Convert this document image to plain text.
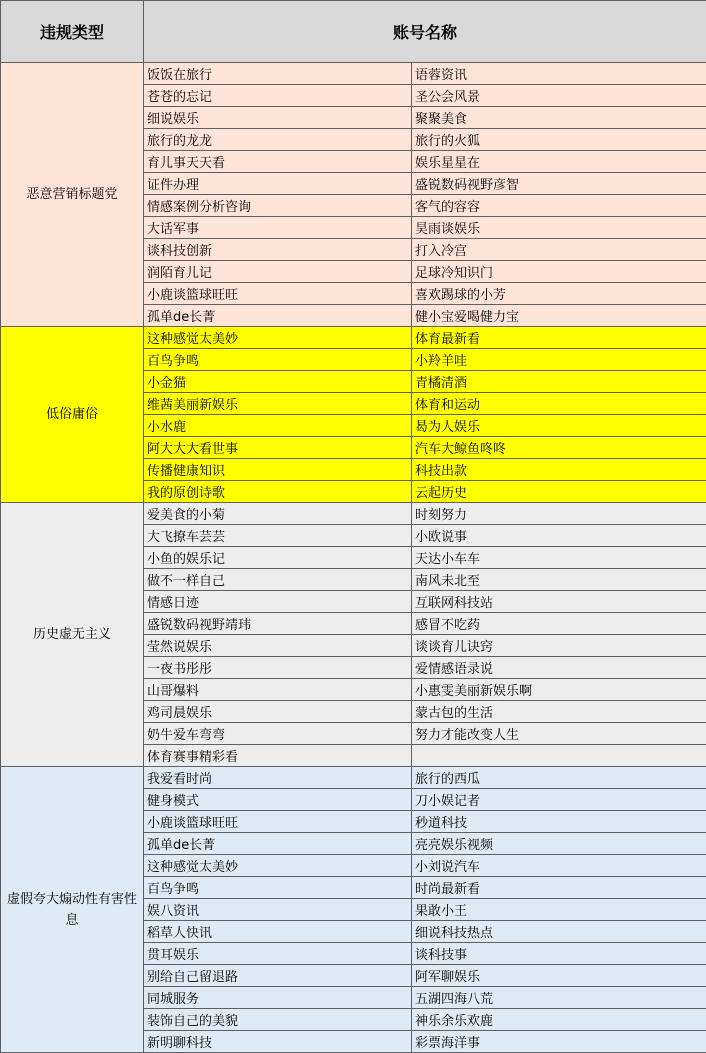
违规类型	账号名称	
恶意营销标题党	饭饭在旅行	语蓉资讯
	苍苍的忘记	圣公会风景
	细说娱乐	聚聚美食
	旅行的龙龙	旅行的火狐
	育儿事天天看	娱乐星星在
	证件办理	盛锐数码视野彦智
	情感案例分析咨询	客气的容容
	大话军事	昊雨谈娱乐
	谈科技创新	打入冷宫
	润陌育儿记	足球冷知识门
	小鹿谈篮球旺旺	喜欢踢球的小芳
	孤单de长菁	健小宝爱喝健力宝
低俗庸俗	这种感觉太美妙	体育最新看
	百鸟争鸣	小羚羊哇
	小金猫	青橘清酒
	维茜美丽新娱乐	体育和运动
	小水鹿	曷为人娱乐
	阿大大大看世事	汽车大鲸鱼咚咚
	传播健康知识	科技出款
	我的原创诗歌	云起历史
历史虚无主义	爱美食的小菊	时刻努力
	大飞撩车芸芸	小欧说事
	小鱼的娱乐记	天达小车车
	做不一样自己	南风未北至
	情感日迹	互联网科技站
	盛锐数码视野靖玮	感冒不吃药
	莹然说娱乐	谈谈育儿诀窍
	一夜书彤彤	爱情感语录说
	山哥爆料	小惠雯美丽新娱乐啊
	鸡司晨娱乐	蒙古包的生活
	奶牛爱车弯弯	努力才能改变人生
	体育赛事精彩看	
虚假夸大煽动性有害性息	我爱看时尚	旅行的西瓜
	健身模式	刀小娱记者
	小鹿谈篮球旺旺	秒道科技
	孤单de长菁	亮亮娱乐视频
	这种感觉太美妙	小刘说汽车
	百鸟争鸣	时尚最新看
	娱八资讯	果敢小王
	稻草人快讯	细说科技热点
	贯耳娱乐	谈科技事
	别给自己留退路	阿军聊娱乐
	同城服务	五湖四海八荒
	装饰自己的美貌	神乐余乐欢鹿
	新明聊科技	彩票海洋事
